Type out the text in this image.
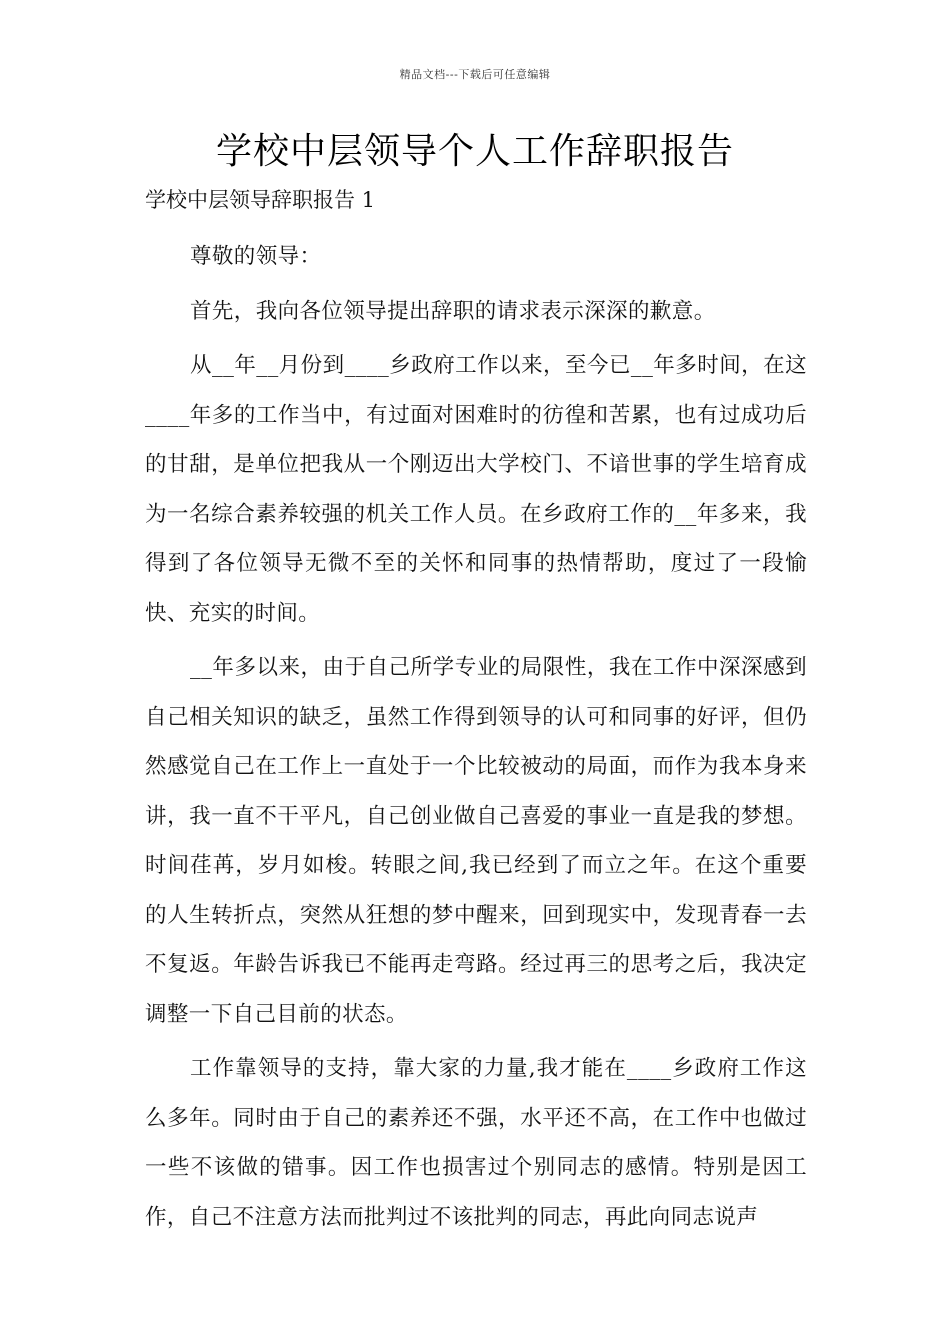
精品文档---下载后可任意编辑
学校中层领导个人工作辞职报告

学校中层领导辞职报告 1

尊敬的领导：

首先，我向各位领导提出辞职的请求表示深深的歉意。

从__年__月份到____乡政府工作以来，至今已__年多时间，在这____年多的工作当中，有过面对困难时的彷徨和苦累，也有过成功后的甘甜，是单位把我从一个刚迈出大学校门、不谙世事的学生培育成为一名综合素养较强的机关工作人员。在乡政府工作的__年多来，我得到了各位领导无微不至的关怀和同事的热情帮助，度过了一段愉快、充实的时间。

__年多以来，由于自己所学专业的局限性，我在工作中深深感到自己相关知识的缺乏，虽然工作得到领导的认可和同事的好评，但仍然感觉自己在工作上一直处于一个比较被动的局面，而作为我本身来讲，我一直不干平凡，自己创业做自己喜爱的事业一直是我的梦想。时间荏苒，岁月如梭。转眼之间,我已经到了而立之年。在这个重要的人生转折点，突然从狂想的梦中醒来，回到现实中，发现青春一去不复返。年龄告诉我已不能再走弯路。经过再三的思考之后，我决定调整一下自己目前的状态。

工作靠领导的支持，靠大家的力量,我才能在____乡政府工作这么多年。同时由于自己的素养还不强，水平还不高，在工作中也做过一些不该做的错事。因工作也损害过个别同志的感情。特别是因工作，自己不注意方法而批判过不该批判的同志，再此向同志说声
